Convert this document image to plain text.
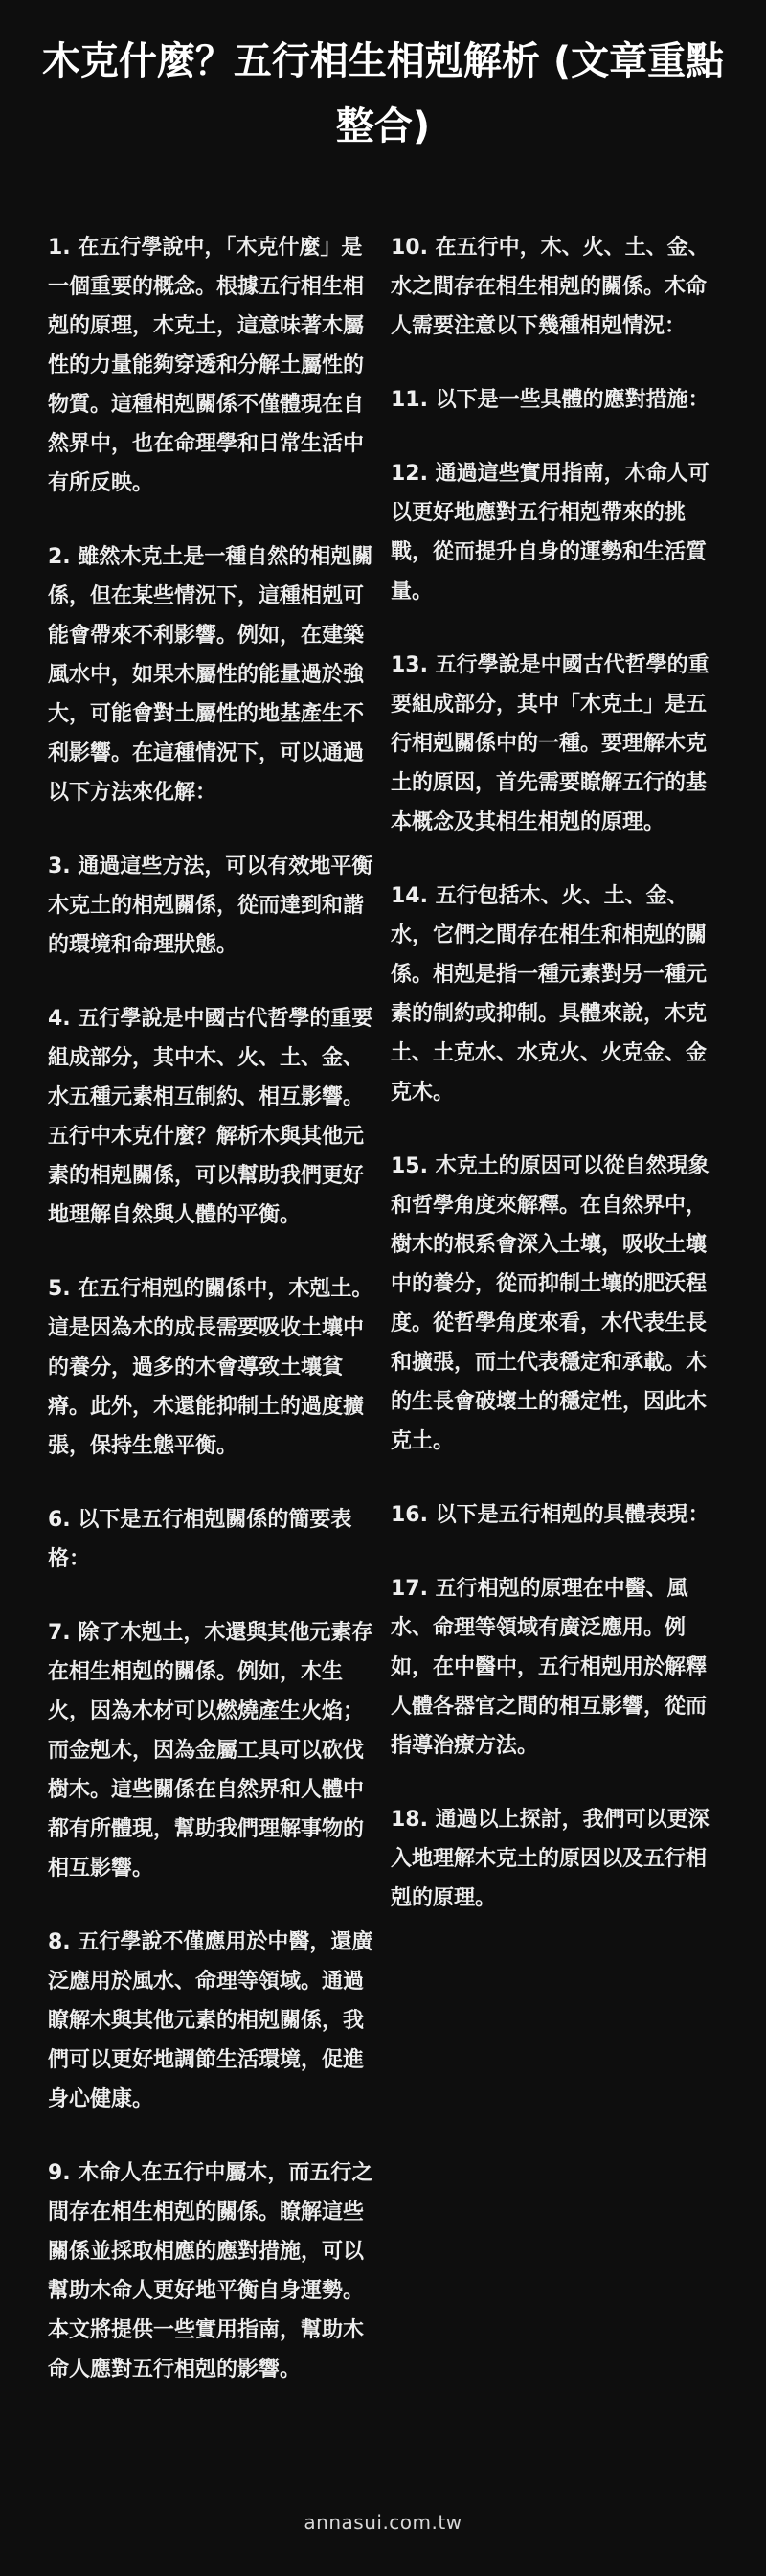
木克什麼？五行相生相剋解析 (文章重點整合)

1. 在五行學說中，「木克什麼」是一個重要的概念。根據五行相生相剋的原理，木克土，這意味著木屬性的力量能夠穿透和分解土屬性的物質。這種相剋關係不僅體現在自然界中，也在命理學和日常生活中有所反映。

2. 雖然木克土是一種自然的相剋關係，但在某些情況下，這種相剋可能會帶來不利影響。例如，在建築風水中，如果木屬性的能量過於強大，可能會對土屬性的地基產生不利影響。在這種情況下，可以通過以下方法來化解：

3. 通過這些方法，可以有效地平衡木克土的相剋關係，從而達到和諧的環境和命理狀態。

4. 五行學說是中國古代哲學的重要組成部分，其中木、火、土、金、水五種元素相互制約、相互影響。五行中木克什麼？解析木與其他元素的相剋關係，可以幫助我們更好地理解自然與人體的平衡。

5. 在五行相剋的關係中，木剋土。這是因為木的成長需要吸收土壤中的養分，過多的木會導致土壤貧瘠。此外，木還能抑制土的過度擴張，保持生態平衡。

6. 以下是五行相剋關係的簡要表格：

7. 除了木剋土，木還與其他元素存在相生相剋的關係。例如，木生火，因為木材可以燃燒產生火焰；而金剋木，因為金屬工具可以砍伐樹木。這些關係在自然界和人體中都有所體現，幫助我們理解事物的相互影響。

8. 五行學說不僅應用於中醫，還廣泛應用於風水、命理等領域。通過瞭解木與其他元素的相剋關係，我們可以更好地調節生活環境，促進身心健康。

9. 木命人在五行中屬木，而五行之間存在相生相剋的關係。瞭解這些關係並採取相應的應對措施，可以幫助木命人更好地平衡自身運勢。本文將提供一些實用指南，幫助木命人應對五行相剋的影響。

10. 在五行中，木、火、土、金、水之間存在相生相剋的關係。木命人需要注意以下幾種相剋情況：

11. 以下是一些具體的應對措施：

12. 通過這些實用指南，木命人可以更好地應對五行相剋帶來的挑戰，從而提升自身的運勢和生活質量。

13. 五行學說是中國古代哲學的重要組成部分，其中「木克土」是五行相剋關係中的一種。要理解木克土的原因，首先需要瞭解五行的基本概念及其相生相剋的原理。

14. 五行包括木、火、土、金、水，它們之間存在相生和相剋的關係。相剋是指一種元素對另一種元素的制約或抑制。具體來說，木克土、土克水、水克火、火克金、金克木。

15. 木克土的原因可以從自然現象和哲學角度來解釋。在自然界中，樹木的根系會深入土壤，吸收土壤中的養分，從而抑制土壤的肥沃程度。從哲學角度來看，木代表生長和擴張，而土代表穩定和承載。木的生長會破壞土的穩定性，因此木克土。

16. 以下是五行相剋的具體表現：

17. 五行相剋的原理在中醫、風水、命理等領域有廣泛應用。例如，在中醫中，五行相剋用於解釋人體各器官之間的相互影響，從而指導治療方法。

18. 通過以上探討，我們可以更深入地理解木克土的原因以及五行相剋的原理。

annasui.com.tw
